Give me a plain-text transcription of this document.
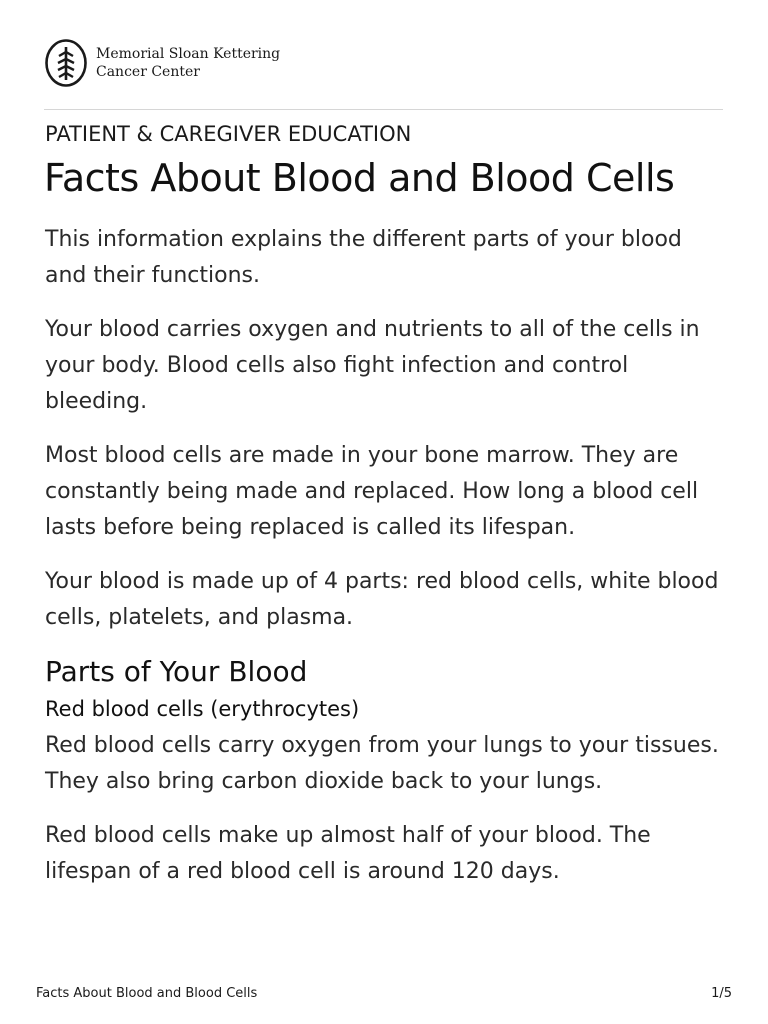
Memorial Sloan Kettering
Cancer Center
PATIENT & CAREGIVER EDUCATION
Facts About Blood and Blood Cells

This information explains the different parts of your blood and their functions.

Your blood carries oxygen and nutrients to all of the cells in your body. Blood cells also fight infection and control bleeding.

Most blood cells are made in your bone marrow. They are constantly being made and replaced. How long a blood cell lasts before being replaced is called its lifespan.

Your blood is made up of 4 parts: red blood cells, white blood cells, platelets, and plasma.

Parts of Your Blood
Red blood cells (erythrocytes)

Red blood cells carry oxygen from your lungs to your tissues. They also bring carbon dioxide back to your lungs.

Red blood cells make up almost half of your blood. The lifespan of a red blood cell is around 120 days.

Facts About Blood and Blood Cells	1/5
